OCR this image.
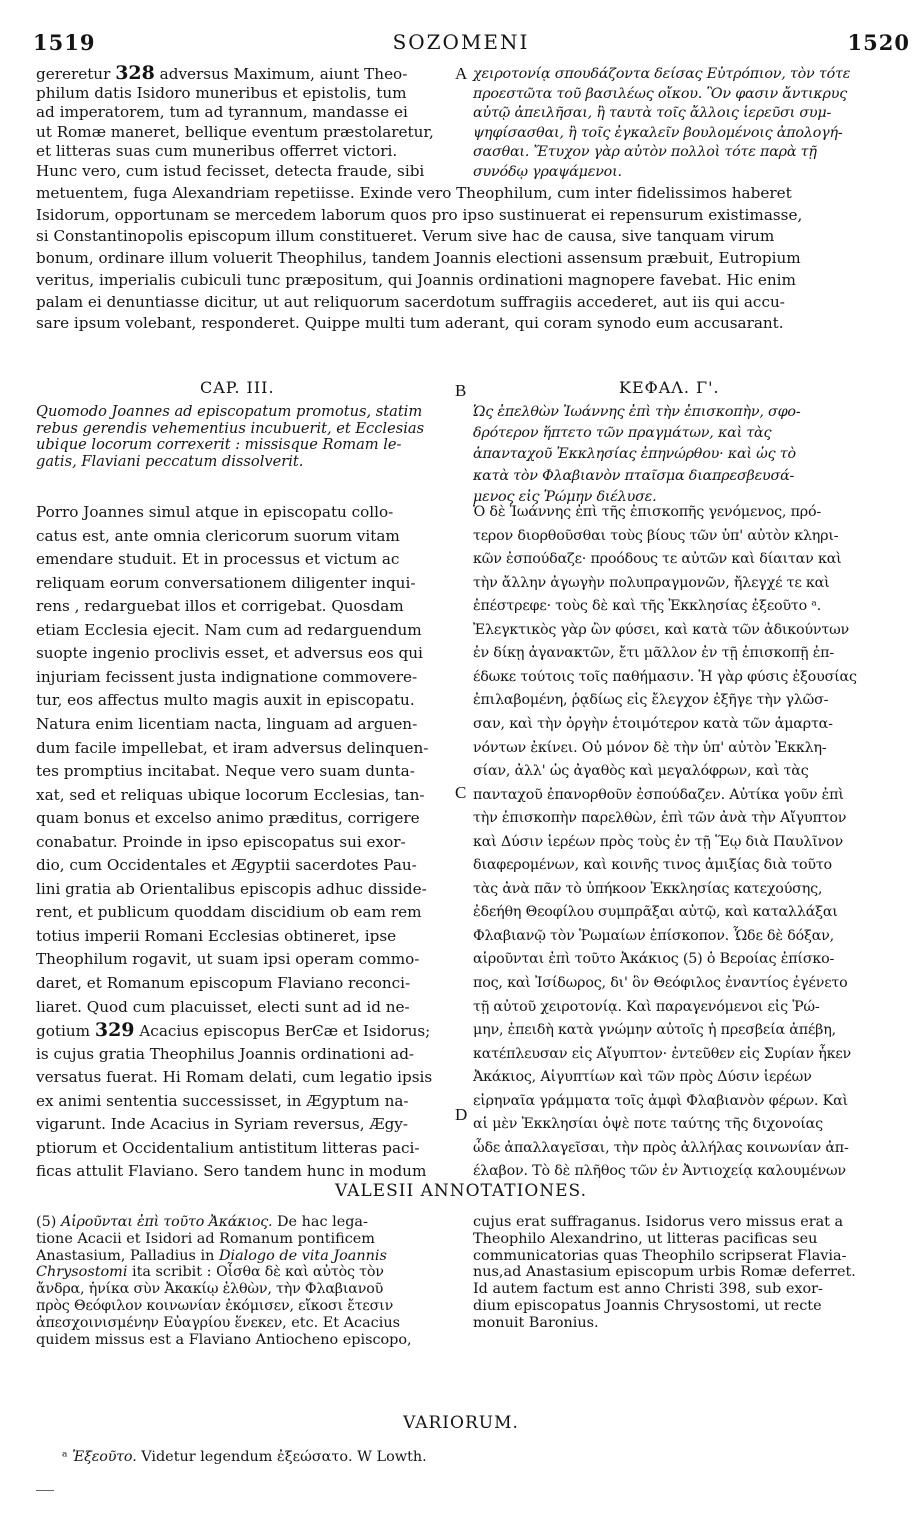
1519	SOZOMENI	1520
gereretur 328 adversus Maximum, aiunt Theo-
philum datis Isidoro muneribus et epistolis, tum
ad imperatorem, tum ad tyrannum, mandasse ei
ut Romæ maneret, bellique eventum præstolaretur,
et litteras suas cum muneribus offerret victori.
Hunc vero, cum istud fecisset, detecta fraude, sibi
A χειροτονίᾳ σπουδάζοντα δείσας Εὐτρόπιον, τὸν τότε
προεστῶτα τοῦ βασιλέως οἴκου. Ὃν φασιν ἄντικρυς
αὐτῷ ἀπειλῆσαι, ἢ ταυτὰ τοῖς ἄλλοις ἱερεῦσι συμ-
ψηφίσασθαι, ἢ τοῖς ἐγκαλεῖν βουλομένοις ἀπολογή-
σασθαι. Ἔτυχον γὰρ αὐτὸν πολλοὶ τότε παρὰ τῇ
συνόδῳ γραψάμενοι.
metuentem, fuga Alexandriam repetiisse. Exinde vero Theophilum, cum inter fidelissimos haberet
Isidorum, opportunam se mercedem laborum quos pro ipso sustinuerat ei repensurum existimasse,
si Constantinopolis episcopum illum constitueret. Verum sive hac de causa, sive tanquam virum
bonum, ordinare illum voluerit Theophilus, tandem Joannis electioni assensum præbuit, Eutropium
veritus, imperialis cubiculi tunc præpositum, qui Joannis ordinationi magnopere favebat. Hic enim
palam ei denuntiasse dicitur, ut aut reliquorum sacerdotum suffragiis accederet, aut iis qui accu-
sare ipsum volebant, responderet. Quippe multi tum aderant, qui coram synodo eum accusarant.
CAP. III.	B	ΚΕΦΑΛ. Γ'.
Quomodo Joannes ad episcopatum promotus, statim
rebus gerendis vehementius incubuerit, et Ecclesias
ubique locorum correxerit : missisque Romam le-
gatis, Flaviani peccatum dissolverit.
Ὡς ἐπελθὼν Ἰωάννης ἐπὶ τὴν ἐπισκοπὴν, σφο-
δρότερον ἥπτετο τῶν πραγμάτων, καὶ τὰς
ἁπανταχοῦ Ἐκκλησίας ἐπηνώρθου· καὶ ὡς τὸ
κατὰ τὸν Φλαβιανὸν πταῖσμα διαπρεσβευσά-
μενος εἰς Ῥώμην διέλυσε.
Porro Joannes simul atque in episcopatu collo-
catus est, ante omnia clericorum suorum vitam
emendare studuit. Et in processus et victum ac
reliquam eorum conversationem diligenter inqui-
rens , redarguebat illos et corrigebat. Quosdam
etiam Ecclesia ejecit. Nam cum ad redarguendum
suopte ingenio proclivis esset, et adversus eos qui
injuriam fecissent justa indignatione commovere-
tur, eos affectus multo magis auxit in episcopatu.
Natura enim licentiam nacta, linguam ad arguen-
dum facile impellebat, et iram adversus delinquen-
tes promptius incitabat. Neque vero suam dunta-
xat, sed et reliquas ubique locorum Ecclesias, tan-
quam bonus et excelso animo præditus, corrigere
conabatur. Proinde in ipso episcopatus sui exor-
dio, cum Occidentales et Ægyptii sacerdotes Pau-
lini gratia ab Orientalibus episcopis adhuc disside-
rent, et publicum quoddam discidium ob eam rem
totius imperii Romani Ecclesias obtineret, ipse
Theophilum rogavit, ut suam ipsi operam commo-
daret, et Romanum episcopum Flaviano reconci-
liaret. Quod cum placuisset, electi sunt ad id ne-
gotium 329 Acacius episcopus BerϾæ et Isidorus;
is cujus gratia Theophilus Joannis ordinationi ad-
versatus fuerat. Hi Romam delati, cum legatio ipsis
ex animi sententia successisset, in Ægyptum na-
vigarunt. Inde Acacius in Syriam reversus, Ægy-
ptiorum et Occidentalium antistitum litteras paci-
ficas attulit Flaviano. Sero tandem hunc in modum
C
D
Ὁ δὲ Ἰωάννης ἐπὶ τῆς ἐπισκοπῆς γενόμενος, πρό-
τερον διορθοῦσθαι τοὺς βίους τῶν ὑπ' αὐτὸν κληρι-
κῶν ἐσπούδαζε· προόδους τε αὐτῶν καὶ δίαιταν καὶ
τὴν ἄλλην ἀγωγὴν πολυπραγμονῶν, ἤλεγχέ τε καὶ
ἐπέστρεφε· τοὺς δὲ καὶ τῆς Ἐκκλησίας ἐξεοῦτο ᵃ.
Ἐλεγκτικὸς γὰρ ὢν φύσει, καὶ κατὰ τῶν ἀδικούντων
ἐν δίκῃ ἀγανακτῶν, ἔτι μᾶλλον ἐν τῇ ἐπισκοπῇ ἐπ-
έδωκε τούτοις τοῖς παθήμασιν. Ἡ γὰρ φύσις ἐξουσίας
ἐπιλαβομένη, ῥᾳδίως εἰς ἔλεγχον ἐξῆγε τὴν γλῶσ-
σαν, καὶ τὴν ὀργὴν ἑτοιμότερον κατὰ τῶν ἁμαρτα-
νόντων ἐκίνει. Οὐ μόνον δὲ τὴν ὑπ' αὐτὸν Ἐκκλη-
σίαν, ἀλλ' ὡς ἀγαθὸς καὶ μεγαλόφρων, καὶ τὰς
πανταχοῦ ἐπανορθοῦν ἐσπούδαζεν. Αὐτίκα γοῦν ἐπὶ
τὴν ἐπισκοπὴν παρελθὼν, ἐπὶ τῶν ἀνὰ τὴν Αἴγυπτον
καὶ Δύσιν ἱερέων πρὸς τοὺς ἐν τῇ Ἕῳ διὰ Παυλῖνον
διαφερομένων, καὶ κοινῆς τινος ἀμιξίας διὰ τοῦτο
τὰς ἀνὰ πᾶν τὸ ὑπήκοον Ἐκκλησίας κατεχούσης,
ἐδεήθη Θεοφίλου συμπρᾶξαι αὐτῷ, καὶ καταλλάξαι
Φλαβιανῷ τὸν Ῥωμαίων ἐπίσκοπον. Ὧδε δὲ δόξαν,
αἱροῦνται ἐπὶ τοῦτο Ἀκάκιος (5) ὁ Βεροίας ἐπίσκο-
πος, καὶ Ἰσίδωρος, δι' ὃν Θεόφιλος ἐναντίος ἐγένετο
τῇ αὐτοῦ χειροτονίᾳ. Καὶ παραγενόμενοι εἰς Ῥώ-
μην, ἐπειδὴ κατὰ γνώμην αὐτοῖς ἡ πρεσβεία ἀπέβη,
κατέπλευσαν εἰς Αἴγυπτον· ἐντεῦθεν εἰς Συρίαν ἧκεν
Ἀκάκιος, Αἰγυπτίων καὶ τῶν πρὸς Δύσιν ἱερέων
εἰρηναῖα γράμματα τοῖς ἀμφὶ Φλαβιανὸν φέρων. Καὶ
αἱ μὲν Ἐκκλησίαι ὀψὲ ποτε ταύτης τῆς διχονοίας
ὧδε ἀπαλλαγεῖσαι, τὴν πρὸς ἀλλήλας κοινωνίαν ἀπ-
έλαβον. Τὸ δὲ πλῆθος τῶν ἐν Ἀντιοχείᾳ καλουμένων
VALESII ANNOTATIONES.
(5) Αἱροῦνται ἐπὶ τοῦτο Ἀκάκιος. De hac lega-
tione Acacii et Isidori ad Romanum pontificem
Anastasium, Palladius in Dialogo de vita Joannis
Chrysostomi ita scribit : Οἶσθα δὲ καὶ αὐτὸς τὸν
ἄνδρα, ἡνίκα σὺν Ἀκακίῳ ἐλθὼν, τὴν Φλαβιανοῦ
πρὸς Θεόφιλον κοινωνίαν ἐκόμισεν, εἴκοσι ἔτεσιν
ἀπεσχοινισμένην Εὐαγρίου ἕνεκεν, etc. Et Acacius
quidem missus est a Flaviano Antiocheno episcopo,
cujus erat suffraganus. Isidorus vero missus erat a
Theophilo Alexandrino, ut litteras pacificas seu
communicatorias quas Theophilo scripserat Flavia-
nus,ad Anastasium episcopum urbis Romæ deferret.
Id autem factum est anno Christi 398, sub exor-
dium episcopatus Joannis Chrysostomi, ut recte
monuit Baronius.
VARIORUM.
ᵃ Ἐξεοῦτο. Videtur legendum ἐξεώσατο. W Lowth.
